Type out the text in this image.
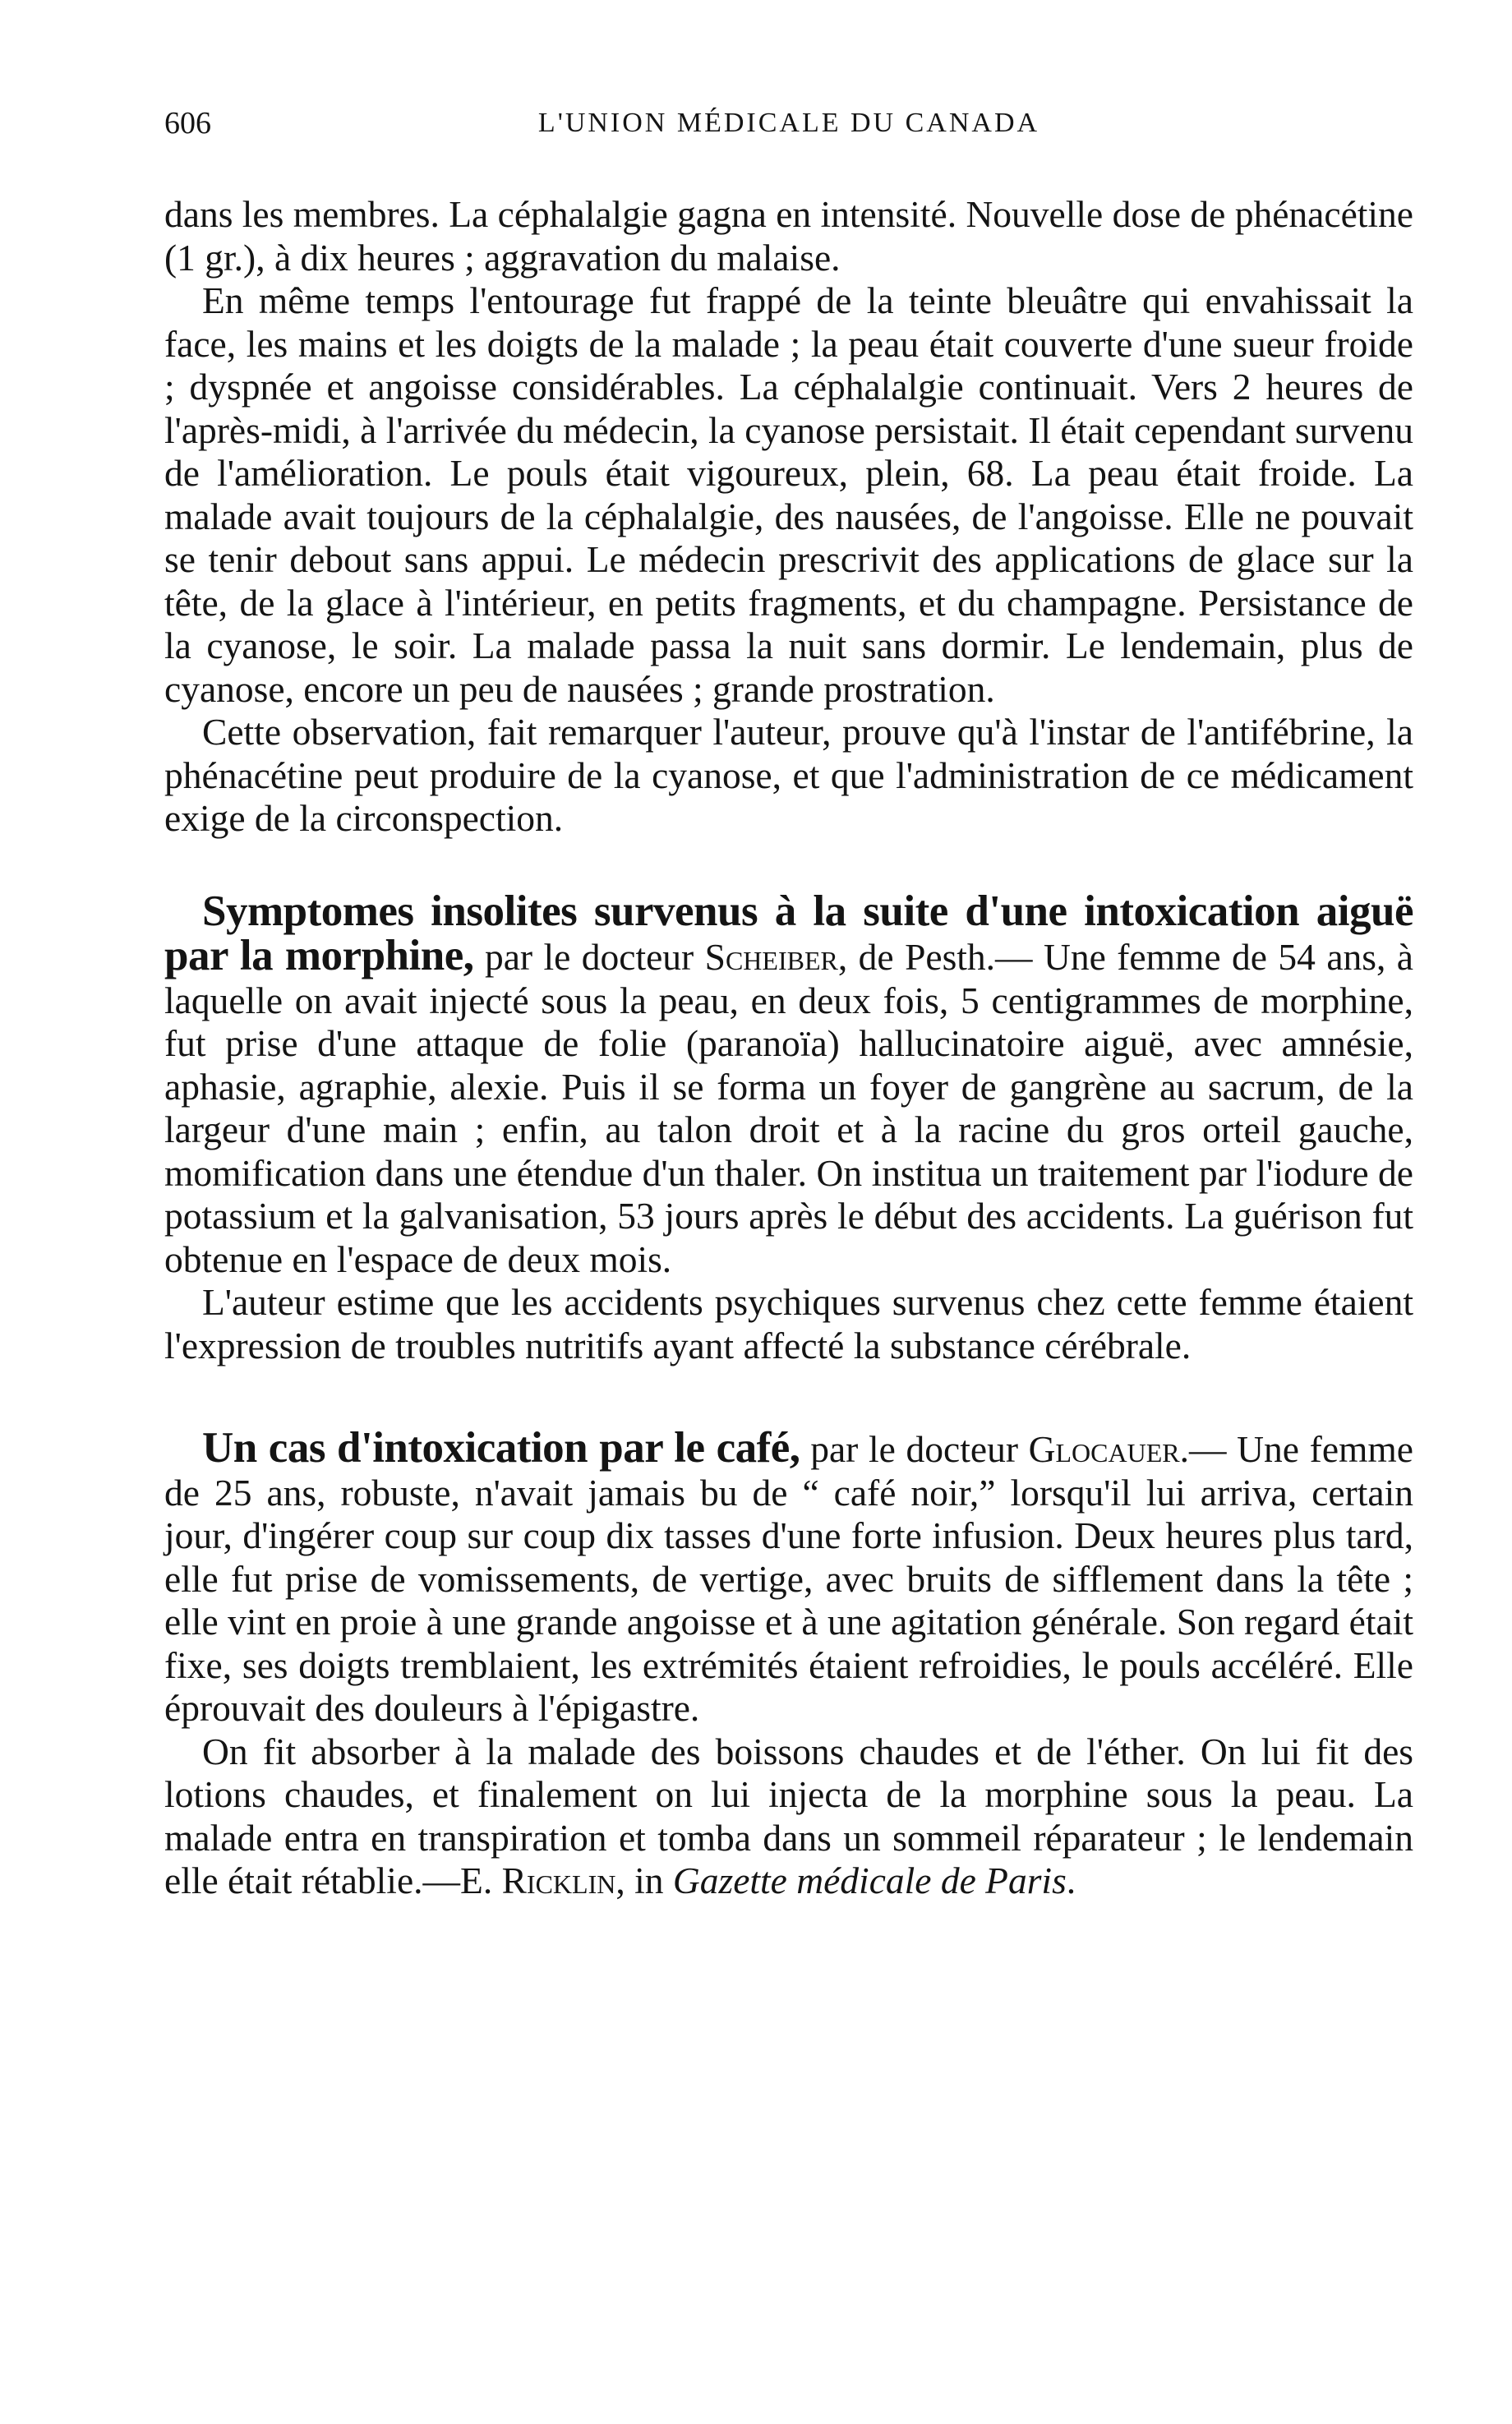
606	L'UNION MÉDICALE DU CANADA

dans les membres. La céphalalgie gagna en intensité. Nouvelle dose de phénacétine (1 gr.), à dix heures ; aggravation du malaise.

En même temps l'entourage fut frappé de la teinte bleuâtre qui envahissait la face, les mains et les doigts de la malade ; la peau était couverte d'une sueur froide ; dyspnée et angoisse considérables. La céphalalgie continuait. Vers 2 heures de l'après-midi, à l'arrivée du médecin, la cyanose persistait. Il était cependant survenu de l'amélioration. Le pouls était vigoureux, plein, 68. La peau était froide. La malade avait toujours de la céphalalgie, des nausées, de l'angoisse. Elle ne pouvait se tenir debout sans appui. Le médecin prescrivit des applications de glace sur la tête, de la glace à l'intérieur, en petits fragments, et du champagne. Persistance de la cyanose, le soir. La malade passa la nuit sans dormir. Le lendemain, plus de cyanose, encore un peu de nausées ; grande prostration.

Cette observation, fait remarquer l'auteur, prouve qu'à l'instar de l'antifébrine, la phénacétine peut produire de la cyanose, et que l'administration de ce médicament exige de la circonspection.

Symptomes insolites survenus à la suite d'une intoxication aiguë par la morphine, par le docteur Scheiber, de Pesth.— Une femme de 54 ans, à laquelle on avait injecté sous la peau, en deux fois, 5 centigrammes de morphine, fut prise d'une attaque de folie (paranoïa) hallucinatoire aiguë, avec amnésie, aphasie, agraphie, alexie. Puis il se forma un foyer de gangrène au sacrum, de la largeur d'une main ; enfin, au talon droit et à la racine du gros orteil gauche, momification dans une étendue d'un thaler. On institua un traitement par l'iodure de potassium et la galvanisation, 53 jours après le début des accidents. La guérison fut obtenue en l'espace de deux mois.

L'auteur estime que les accidents psychiques survenus chez cette femme étaient l'expression de troubles nutritifs ayant affecté la substance cérébrale.

Un cas d'intoxication par le café, par le docteur Glocauer.— Une femme de 25 ans, robuste, n'avait jamais bu de “ café noir,” lorsqu'il lui arriva, certain jour, d'ingérer coup sur coup dix tasses d'une forte infusion. Deux heures plus tard, elle fut prise de vomissements, de vertige, avec bruits de sifflement dans la tête ; elle vint en proie à une grande angoisse et à une agitation générale. Son regard était fixe, ses doigts tremblaient, les extrémités étaient refroidies, le pouls accéléré. Elle éprouvait des douleurs à l'épigastre.

On fit absorber à la malade des boissons chaudes et de l'éther. On lui fit des lotions chaudes, et finalement on lui injecta de la morphine sous la peau. La malade entra en transpiration et tomba dans un sommeil réparateur ; le lendemain elle était rétablie.—E. Ricklin, in Gazette médicale de Paris.
